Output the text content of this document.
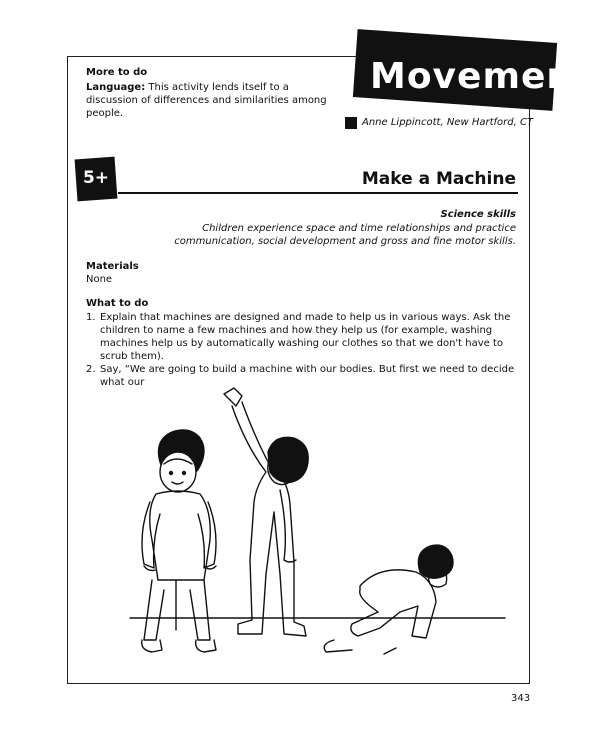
Movement
More to do
Language: This activity lends itself to a discussion of differences and similarities among people.
Anne Lippincott, New Hartford, CT
5+	Make a Machine
Science skills
Children experience space and time relationships and practice communication, social development and gross and fine motor skills.
Materials
None
What to do
1. Explain that machines are designed and made to help us in various ways. Ask the children to name a few machines and how they help us (for example, washing machines help us by automatically washing our clothes so that we don't have to scrub them).
2. Say, “We are going to build a machine with our bodies. But first we need to decide what our
343
